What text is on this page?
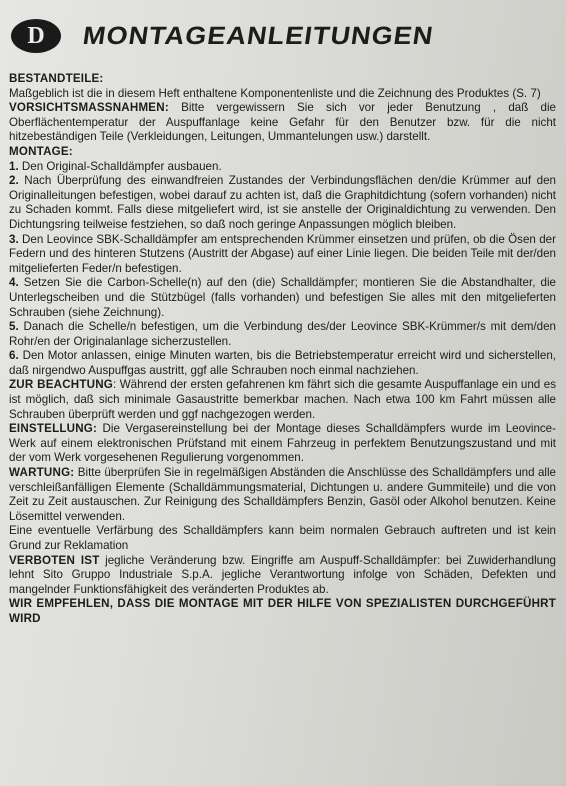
D	MONTAGEANLEITUNGEN

BESTANDTEILE:

Maßgeblich ist die in diesem Heft enthaltene Komponentenliste und die Zeichnung des Produktes (S. 7)

VORSICHTSMASSNAHMEN: Bitte vergewissern Sie sich vor jeder Benutzung , daß die Oberflächentemperatur der Auspuffanlage keine Gefahr für den Benutzer bzw. für die nicht hitzebeständigen Teile (Verkleidungen, Leitungen, Ummantelungen usw.) darstellt.

MONTAGE:

1. Den Original-Schalldämpfer ausbauen.

2. Nach Überprüfung des einwandfreien Zustandes der Verbindungsflächen den/die Krümmer auf den Originalleitungen befestigen, wobei darauf zu achten ist, daß die Graphitdichtung (sofern vorhanden) nicht zu Schaden kommt. Falls diese mitgeliefert wird, ist sie anstelle der Originaldichtung zu verwenden. Den Dichtungsring teilweise festziehen, so daß noch geringe Anpassungen möglich bleiben.

3. Den Leovince SBK-Schalldämpfer am entsprechenden Krümmer einsetzen und prüfen, ob die Ösen der Federn und des hinteren Stutzens (Austritt der Abgase) auf einer Linie liegen. Die beiden Teile mit der/den mitgelieferten Feder/n befestigen.

4. Setzen Sie die Carbon-Schelle(n) auf den (die) Schalldämpfer; montieren Sie die Abstandhalter, die Unterlegscheiben und die Stützbügel (falls vorhanden) und befestigen Sie alles mit den mitgelieferten Schrauben (siehe Zeichnung).

5. Danach die Schelle/n befestigen, um die Verbindung des/der Leovince SBK-Krümmer/s mit dem/den Rohr/en der Originalanlage sicherzustellen.

6. Den Motor anlassen, einige Minuten warten, bis die Betriebstemperatur erreicht wird und sicherstellen, daß nirgendwo Auspuffgas austritt, ggf alle Schrauben noch einmal nachziehen.

ZUR BEACHTUNG: Während der ersten gefahrenen km fährt sich die gesamte Auspuffanlage ein und es ist möglich, daß sich minimale Gasaustritte bemerkbar machen. Nach etwa 100 km Fahrt müssen alle Schrauben überprüft werden und ggf nachgezogen werden.

EINSTELLUNG: Die Vergasereinstellung bei der Montage dieses Schalldämpfers wurde im Leovince-Werk auf einem elektronischen Prüfstand mit einem Fahrzeug in perfektem Benutzungszustand und mit der vom Werk vorgesehenen Regulierung vorgenommen.

WARTUNG: Bitte überprüfen Sie in regelmäßigen Abständen die Anschlüsse des Schalldämpfers und alle verschleißanfälligen Elemente (Schalldämmungsmaterial, Dichtungen u. andere Gummiteile) und die von Zeit zu Zeit austauschen. Zur Reinigung des Schalldämpfers Benzin, Gasöl oder Alkohol benutzen. Keine Lösemittel verwenden.

Eine eventuelle Verfärbung des Schalldämpfers kann beim normalen Gebrauch auftreten und ist kein Grund zur Reklamation

VERBOTEN IST jegliche Veränderung bzw. Eingriffe am Auspuff-Schalldämpfer: bei Zuwiderhandlung lehnt Sito Gruppo Industriale S.p.A. jegliche Verantwortung infolge von Schäden, Defekten und mangelnder Funktionsfähigkeit des veränderten Produktes ab.

WIR EMPFEHLEN, DASS DIE MONTAGE MIT DER HILFE VON SPEZIALISTEN DURCHGEFÜHRT WIRD
